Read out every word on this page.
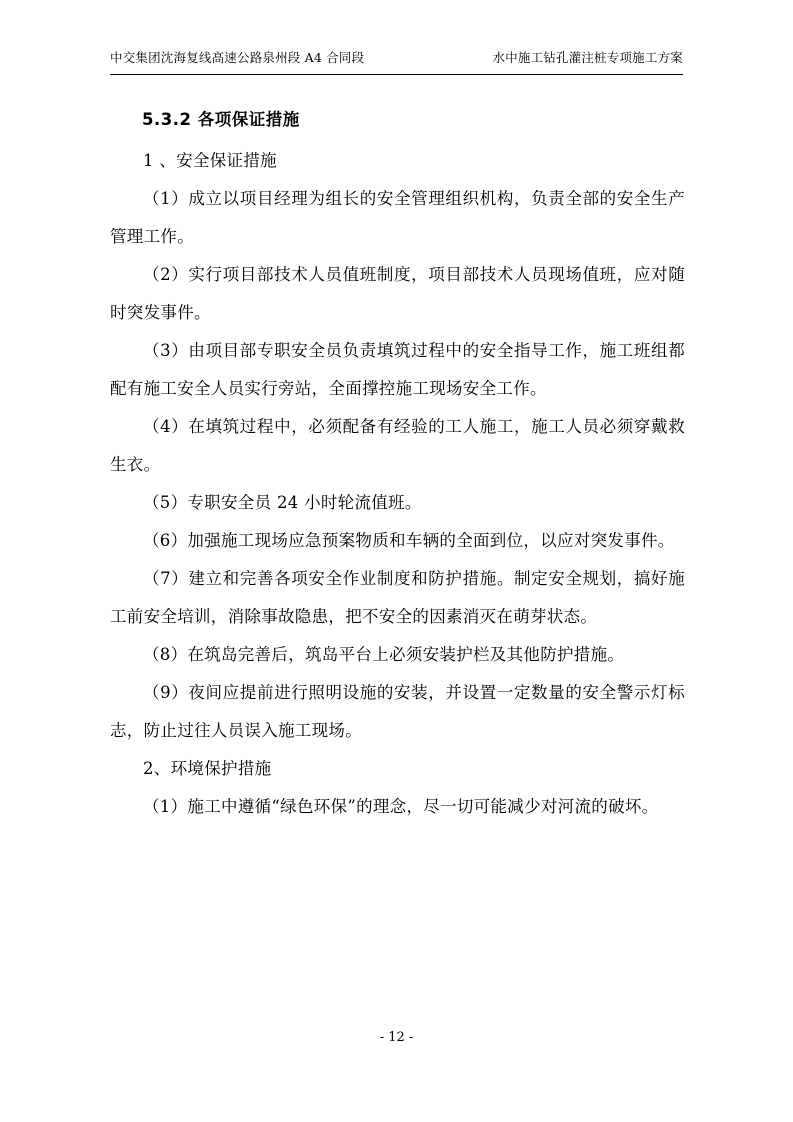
中交集团沈海复线高速公路泉州段 A4 合同段	水中施工钻孔灌注桩专项施工方案
5.3.2 各项保证措施

1 、安全保证措施

（1）成立以项目经理为组长的安全管理组织机构，负责全部的安全生产管理工作。

（2）实行项目部技术人员值班制度，项目部技术人员现场值班，应对随时突发事件。

（3）由项目部专职安全员负责填筑过程中的安全指导工作，施工班组都配有施工安全人员实行旁站，全面撑控施工现场安全工作。

（4）在填筑过程中，必须配备有经验的工人施工，施工人员必须穿戴救生衣。

（5）专职安全员 24 小时轮流值班。

（6）加强施工现场应急预案物质和车辆的全面到位，以应对突发事件。

（7）建立和完善各项安全作业制度和防护措施。制定安全规划，搞好施工前安全培训，消除事故隐患，把不安全的因素消灭在萌芽状态。

（8）在筑岛完善后，筑岛平台上必须安装护栏及其他防护措施。

（9）夜间应提前进行照明设施的安装，并设置一定数量的安全警示灯标志，防止过往人员误入施工现场。

2、环境保护措施

（1）施工中遵循“绿色环保”的理念，尽一切可能减少对河流的破坏。

- 12 -
